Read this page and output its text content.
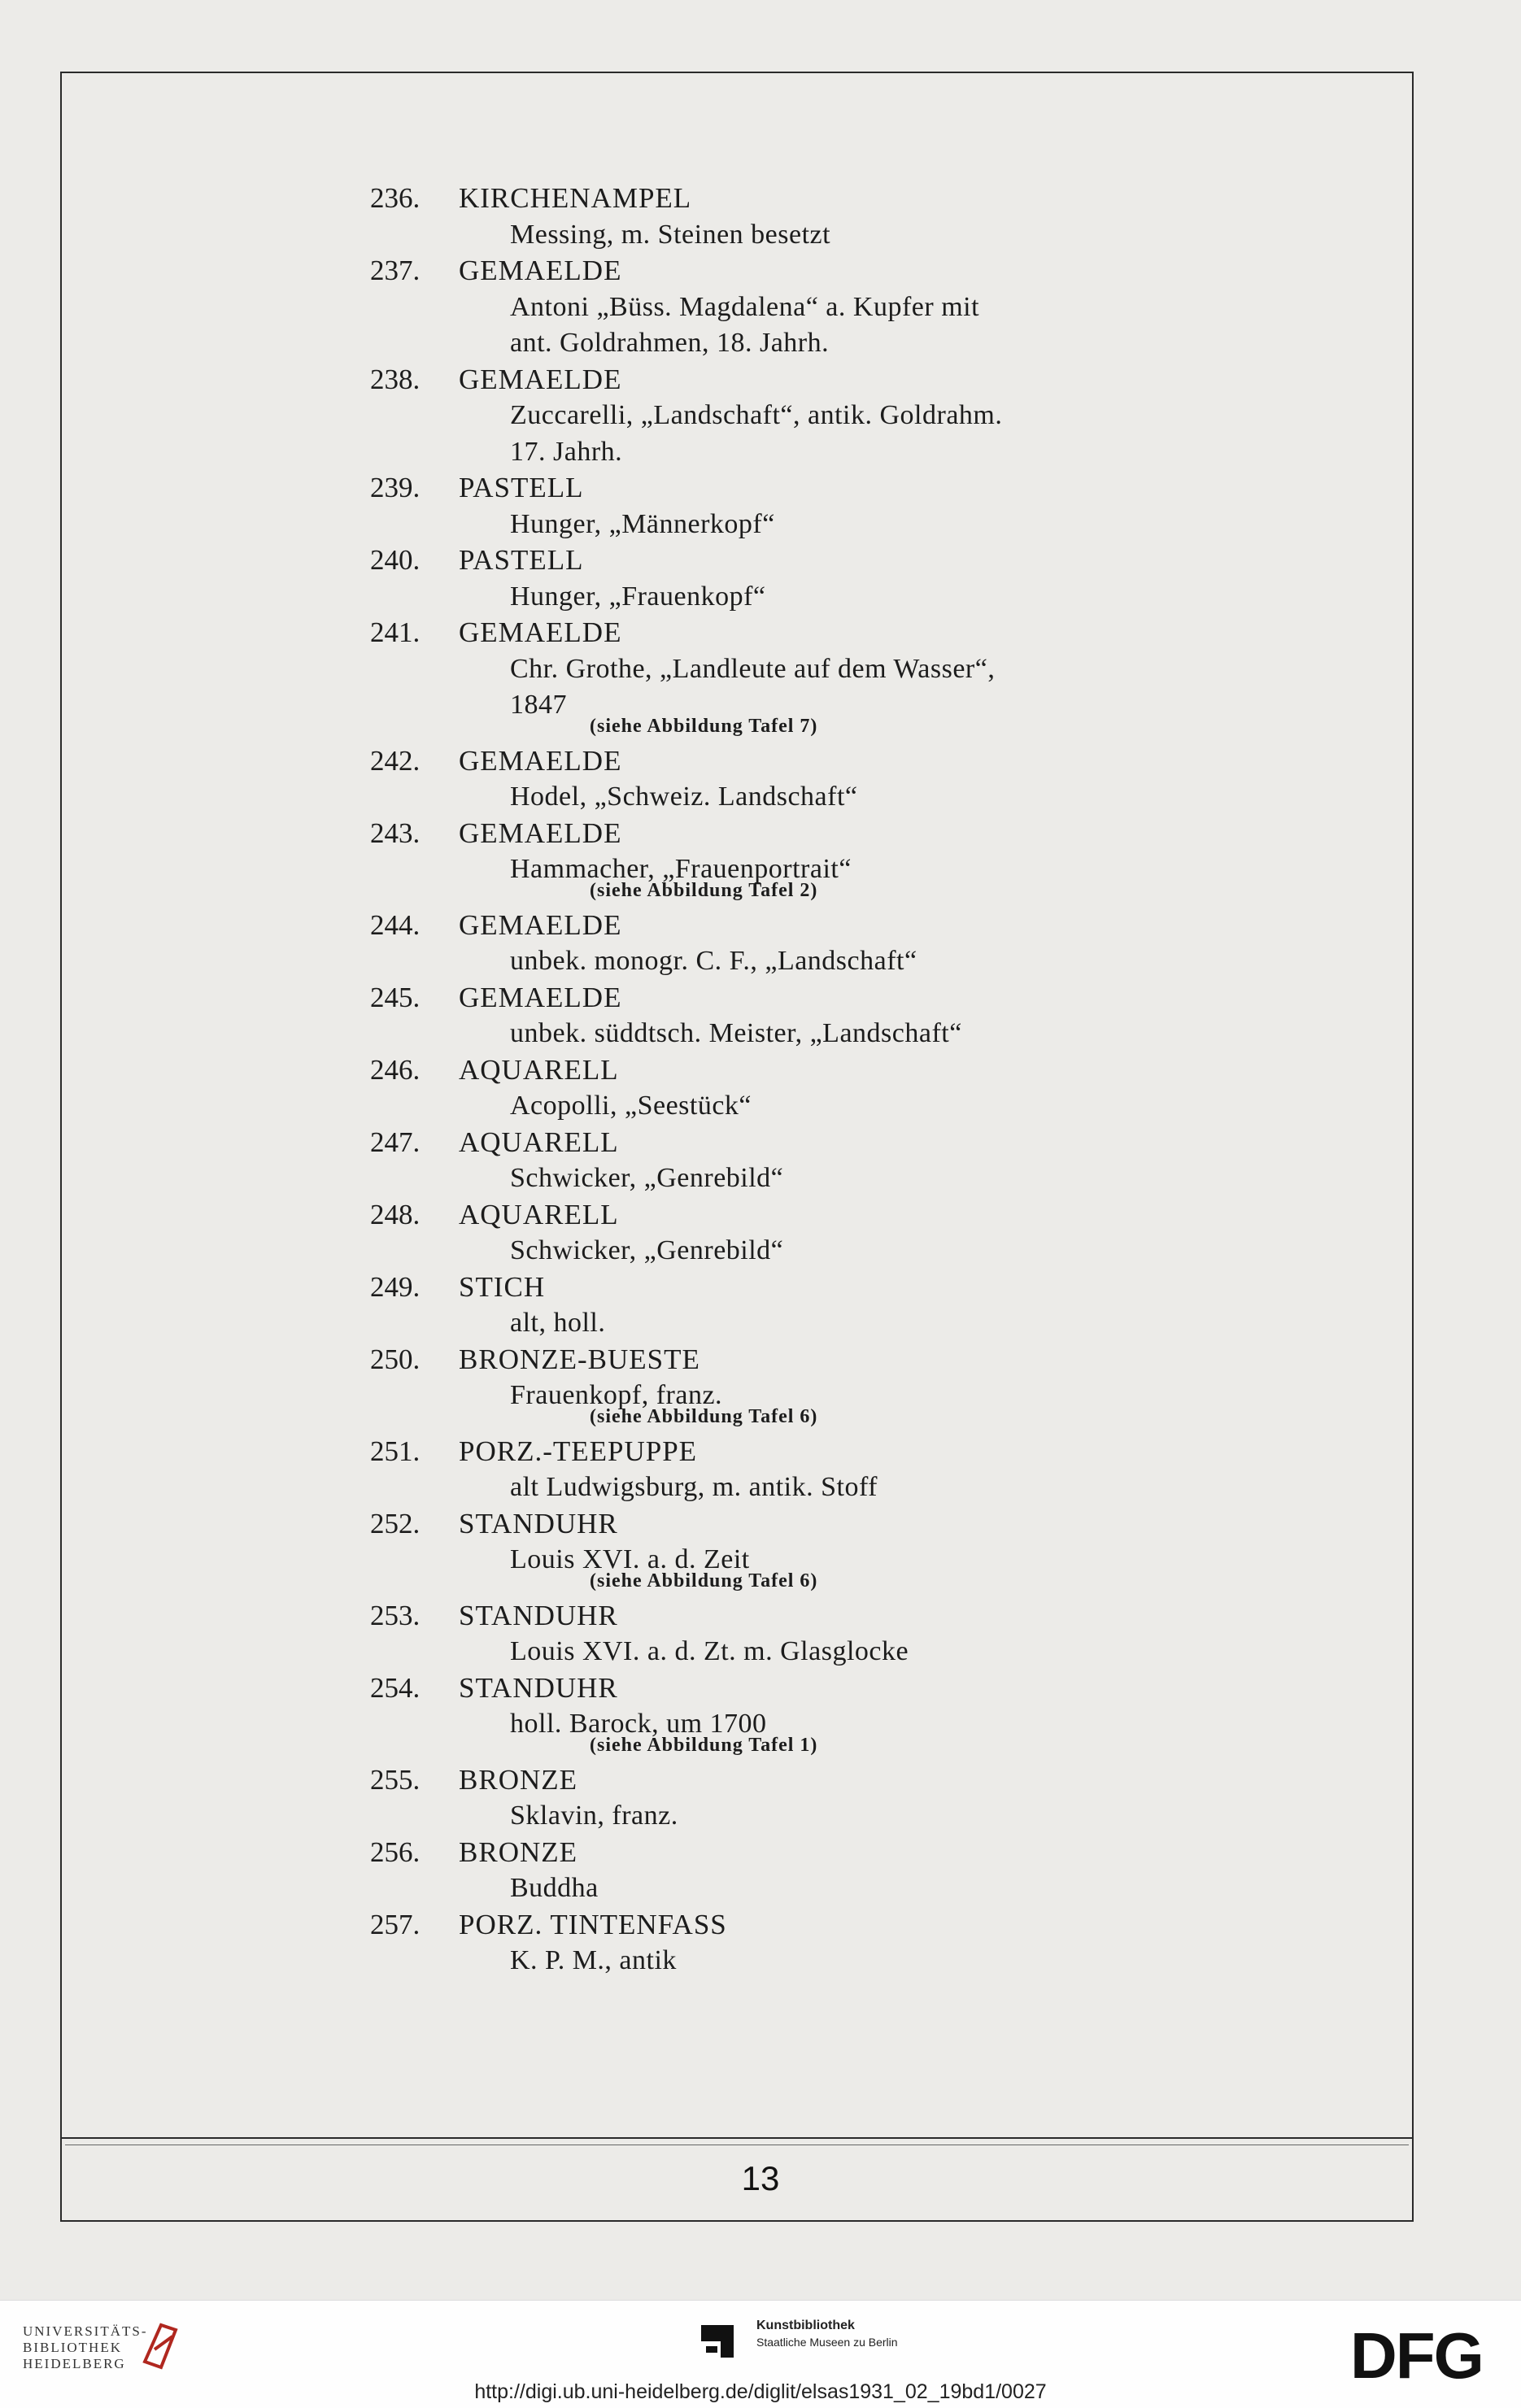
236. KIRCHENAMPEL
Messing, m. Steinen besetzt
237. GEMAELDE
Antoni „Büss. Magdalena“ a. Kupfer mit
ant. Goldrahmen, 18. Jahrh.
238. GEMAELDE
Zuccarelli, „Landschaft“, antik. Goldrahm.
17. Jahrh.
239. PASTELL
Hunger, „Männerkopf“
240. PASTELL
Hunger, „Frauenkopf“
241. GEMAELDE
Chr. Grothe, „Landleute auf dem Wasser“,
1847
(siehe Abbildung Tafel 7)
242. GEMAELDE
Hodel, „Schweiz. Landschaft“
243. GEMAELDE
Hammacher, „Frauenportrait“
(siehe Abbildung Tafel 2)
244. GEMAELDE
unbek. monogr. C. F., „Landschaft“
245. GEMAELDE
unbek. süddtsch. Meister, „Landschaft“
246. AQUARELL
Acopolli, „Seestück“
247. AQUARELL
Schwicker, „Genrebild“
248. AQUARELL
Schwicker, „Genrebild“
249. STICH
alt, holl.
250. BRONZE-BUESTE
Frauenkopf, franz.
(siehe Abbildung Tafel 6)
251. PORZ.-TEEPUPPE
alt Ludwigsburg, m. antik. Stoff
252. STANDUHR
Louis XVI. a. d. Zeit
(siehe Abbildung Tafel 6)
253. STANDUHR
Louis XVI. a. d. Zt. m. Glasglocke
254. STANDUHR
holl. Barock, um 1700
(siehe Abbildung Tafel 1)
255. BRONZE
Sklavin, franz.
256. BRONZE
Buddha
257. PORZ. TINTENFASS
K. P. M., antik
13
UNIVERSITÄTS-
BIBLIOTHEK
HEIDELBERG
Kunstbibliothek
Staatliche Museen zu Berlin	DFG
http://digi.ub.uni-heidelberg.de/diglit/elsas1931_02_19bd1/0027
